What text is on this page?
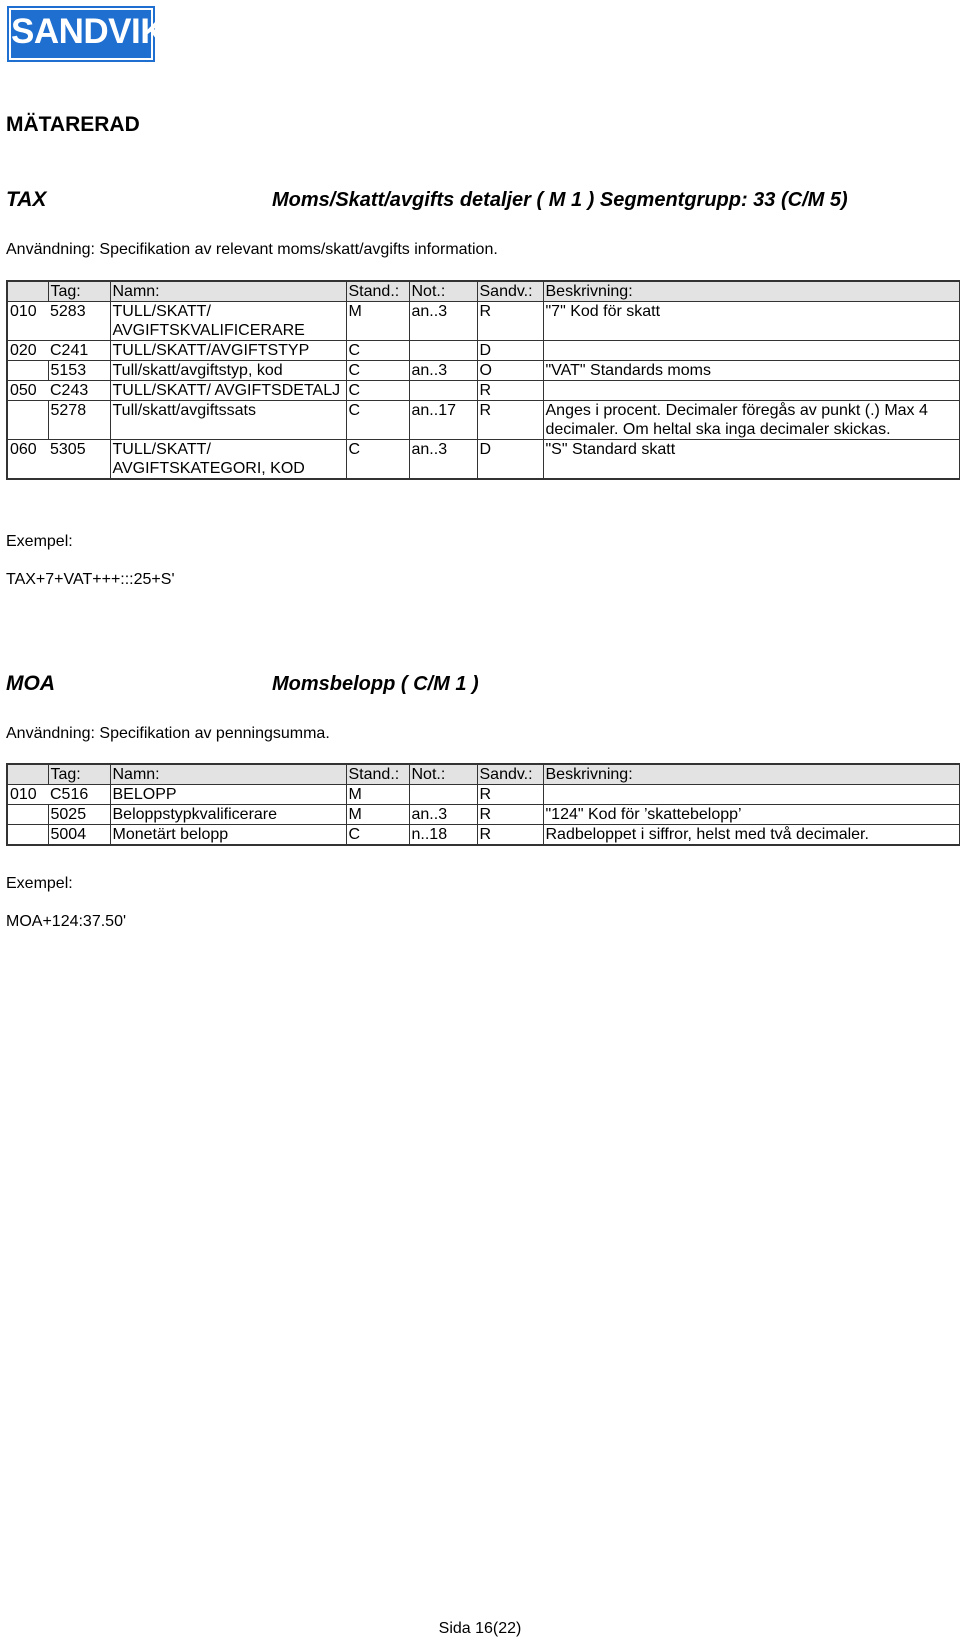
SANDVIK
MÄTARERAD
TAX	Moms/Skatt/avgifts detaljer ( M 1 ) Segmentgrupp: 33 (C/M 5)
Användning: Specifikation av relevant moms/skatt/avgifts information.
	Tag:	Namn:	Stand.:	Not.:	Sandv.:	Beskrivning:
010	5283	TULL/SKATT/ AVGIFTSKVALIFICERARE	M	an..3	R	"7" Kod för skatt
020	C241	TULL/SKATT/AVGIFTSTYP	C		D	
	5153	Tull/skatt/avgiftstyp, kod	C	an..3	O	"VAT" Standards moms
050	C243	TULL/SKATT/ AVGIFTSDETALJ	C		R	
	5278	Tull/skatt/avgiftssats	C	an..17	R	Anges i procent. Decimaler föregås av punkt (.) Max 4 decimaler. Om heltal ska inga decimaler skickas.
060	5305	TULL/SKATT/ AVGIFTSKATEGORI, KOD	C	an..3	D	"S" Standard skatt
Exempel:
TAX+7+VAT+++:::25+S'
MOA	Momsbelopp ( C/M 1 )
Användning: Specifikation av penningsumma.
	Tag:	Namn:	Stand.:	Not.:	Sandv.:	Beskrivning:
010	C516	BELOPP	M		R	
	5025	Beloppstypkvalificerare	M	an..3	R	"124" Kod för ’skattebelopp’
	5004	Monetärt belopp	C	n..18	R	Radbeloppet i siffror, helst med två decimaler.
Exempel:
MOA+124:37.50'
Sida 16(22)
